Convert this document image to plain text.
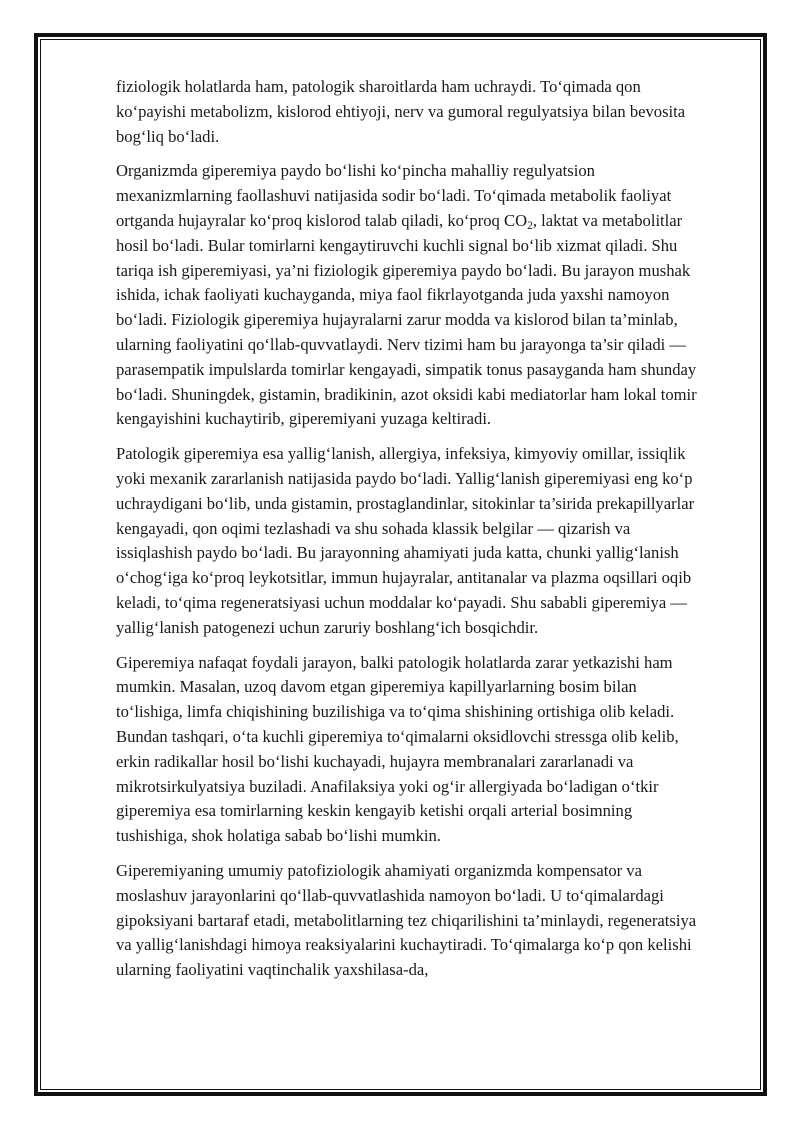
fiziologik holatlarda ham, patologik sharoitlarda ham uchraydi. To‘qimada qon ko‘payishi metabolizm, kislorod ehtiyoji, nerv va gumoral regulyatsiya bilan bevosita bog‘liq bo‘ladi.

Organizmda giperemiya paydo bo‘lishi ko‘pincha mahalliy regulyatsion mexanizmlarning faollashuvi natijasida sodir bo‘ladi. To‘qimada metabolik faoliyat ortganda hujayralar ko‘proq kislorod talab qiladi, ko‘proq $CO_2$, laktat va metabolitlar hosil bo‘ladi. Bular tomirlarni kengaytiruvchi kuchli signal bo‘lib xizmat qiladi. Shu tariqa ish giperemiyasi, ya’ni fiziologik giperemiya paydo bo‘ladi. Bu jarayon mushak ishida, ichak faoliyati kuchayganda, miya faol fikrlayotganda juda yaxshi namoyon bo‘ladi. Fiziologik giperemiya hujayralarni zarur modda va kislorod bilan ta’minlab, ularning faoliyatini qo‘llab-quvvatlaydi. Nerv tizimi ham bu jarayonga ta’sir qiladi — parasempatik impulslarda tomirlar kengayadi, simpatik tonus pasayganda ham shunday bo‘ladi. Shuningdek, gistamin, bradikinin, azot oksidi kabi mediatorlar ham lokal tomir kengayishini kuchaytirib, giperemiyani yuzaga keltiradi.

Patologik giperemiya esa yallig‘lanish, allergiya, infeksiya, kimyoviy omillar, issiqlik yoki mexanik zararlanish natijasida paydo bo‘ladi. Yallig‘lanish giperemiyasi eng ko‘p uchraydigani bo‘lib, unda gistamin, prostaglandinlar, sitokinlar ta’sirida prekapillyarlar kengayadi, qon oqimi tezlashadi va shu sohada klassik belgilar — qizarish va issiqlashish paydo bo‘ladi. Bu jarayonning ahamiyati juda katta, chunki yallig‘lanish o‘chog‘iga ko‘proq leykotsitlar, immun hujayralar, antitanalar va plazma oqsillari oqib keladi, to‘qima regeneratsiyasi uchun moddalar ko‘payadi. Shu sababli giperemiya — yallig‘lanish patogenezi uchun zaruriy boshlang‘ich bosqichdir.

Giperemiya nafaqat foydali jarayon, balki patologik holatlarda zarar yetkazishi ham mumkin. Masalan, uzoq davom etgan giperemiya kapillyarlarning bosim bilan to‘lishiga, limfa chiqishining buzilishiga va to‘qima shishining ortishiga olib keladi. Bundan tashqari, o‘ta kuchli giperemiya to‘qimalarni oksidlovchi stressga olib kelib, erkin radikallar hosil bo‘lishi kuchayadi, hujayra membranalari zararlanadi va mikrotsirkulyatsiya buziladi. Anafilaksiya yoki og‘ir allergiyada bo‘ladigan o‘tkir giperemiya esa tomirlarning keskin kengayib ketishi orqali arterial bosimning tushishiga, shok holatiga sabab bo‘lishi mumkin.

Giperemiyaning umumiy patofiziologik ahamiyati organizmda kompensator va moslashuv jarayonlarini qo‘llab-quvvatlashida namoyon bo‘ladi. U to‘qimalardagi gipoksiyani bartaraf etadi, metabolitlarning tez chiqarilishini ta’minlaydi, regeneratsiya va yallig‘lanishdagi himoya reaksiyalarini kuchaytiradi. To‘qimalarga ko‘p qon kelishi ularning faoliyatini vaqtinchalik yaxshilasa-da,
